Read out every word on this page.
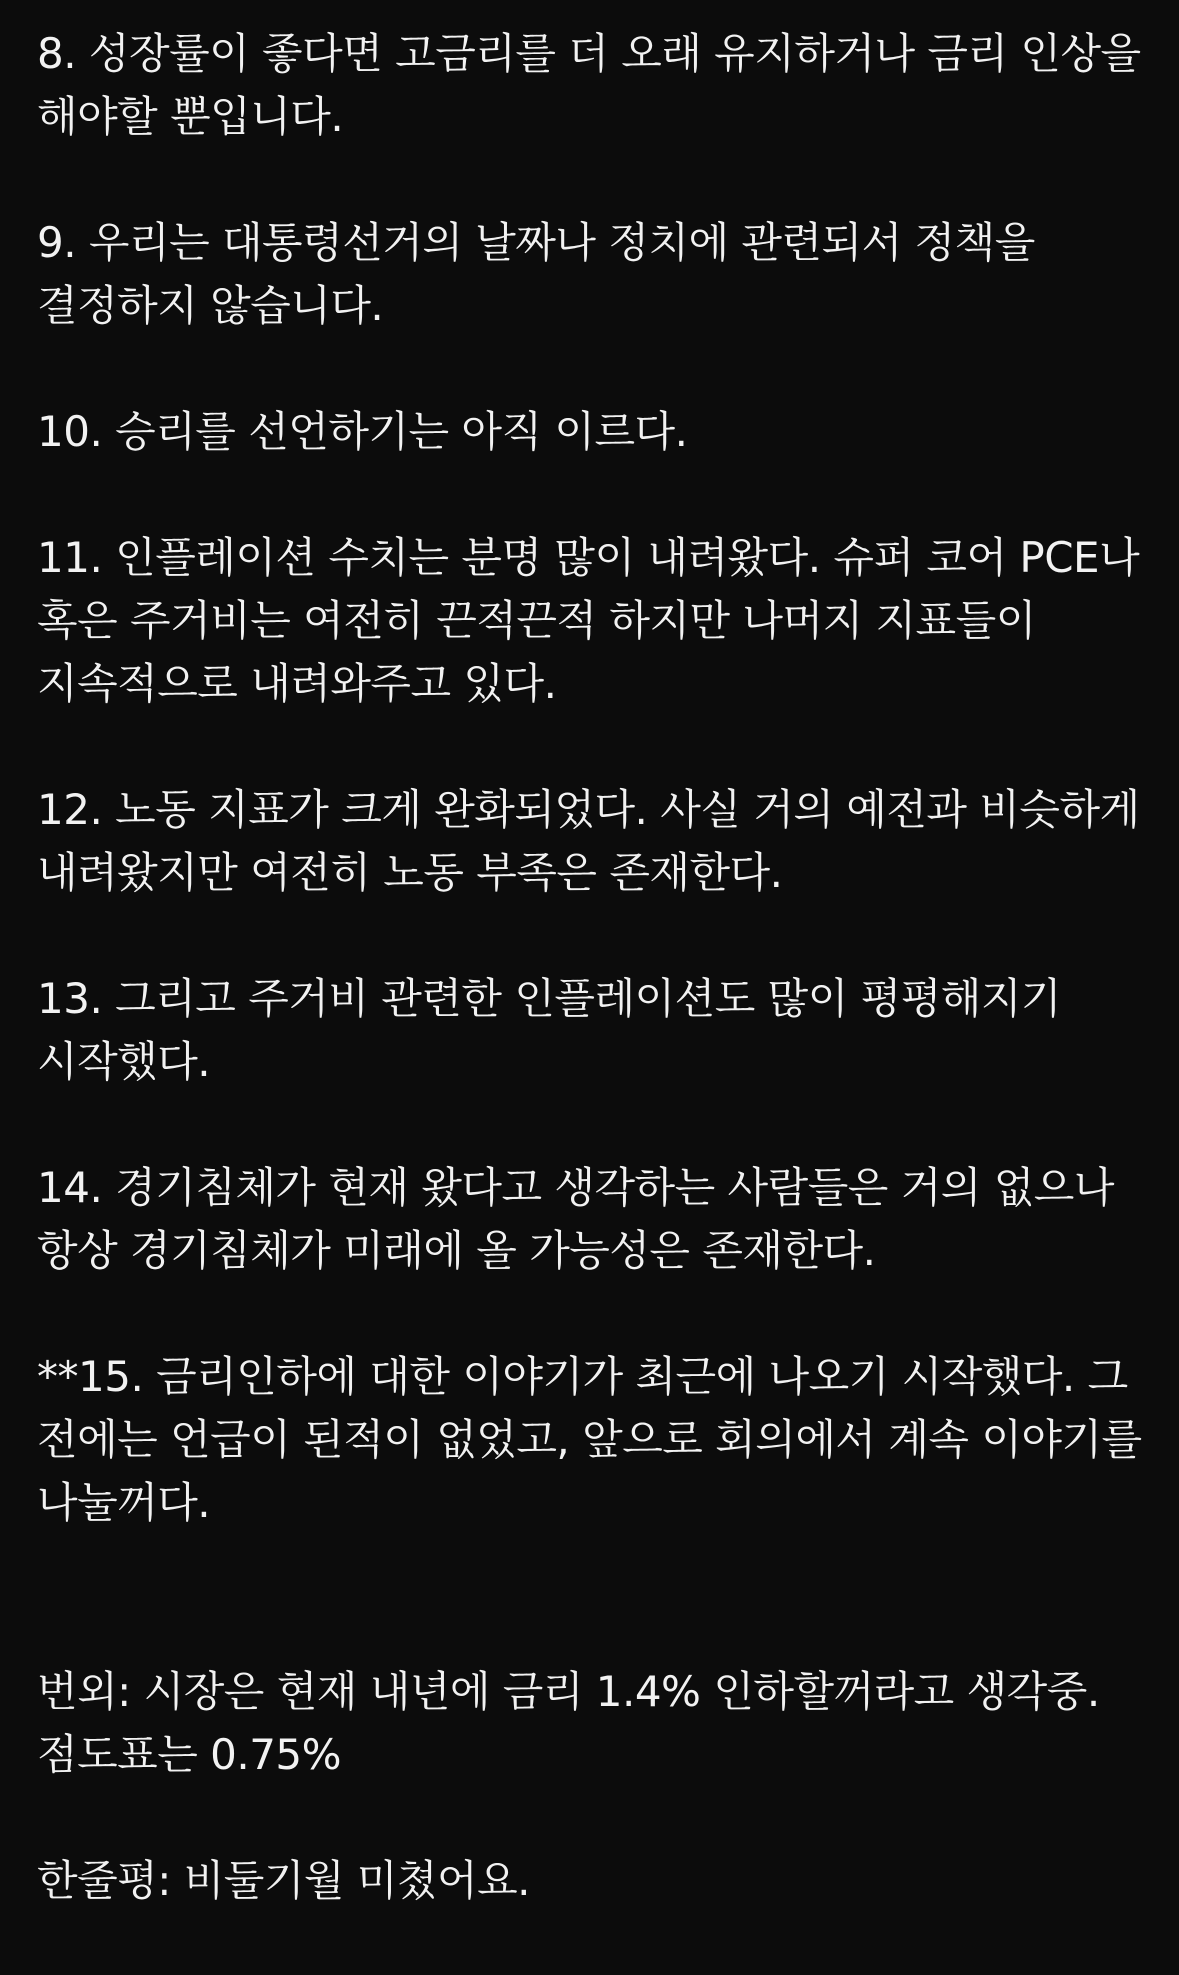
8. 성장률이 좋다면 고금리를 더 오래 유지하거나 금리 인상을 해야할 뿐입니다.

9. 우리는 대통령선거의 날짜나 정치에 관련되서 정책을 결정하지 않습니다.

10. 승리를 선언하기는 아직 이르다.

11. 인플레이션 수치는 분명 많이 내려왔다. 슈퍼 코어 PCE나 혹은 주거비는 여전히 끈적끈적 하지만 나머지 지표들이 지속적으로 내려와주고 있다.

12. 노동 지표가 크게 완화되었다. 사실 거의 예전과 비슷하게 내려왔지만 여전히 노동 부족은 존재한다.

13. 그리고 주거비 관련한 인플레이션도 많이 평평해지기 시작했다.

14. 경기침체가 현재 왔다고 생각하는 사람들은 거의 없으나 항상 경기침체가 미래에 올 가능성은 존재한다.

**15. 금리인하에 대한 이야기가 최근에 나오기 시작했다. 그 전에는 언급이 된적이 없었고, 앞으로 회의에서 계속 이야기를 나눌꺼다.

번외: 시장은 현재 내년에 금리 1.4% 인하할꺼라고 생각중. 점도표는 0.75%

한줄평: 비둘기월 미쳤어요.
